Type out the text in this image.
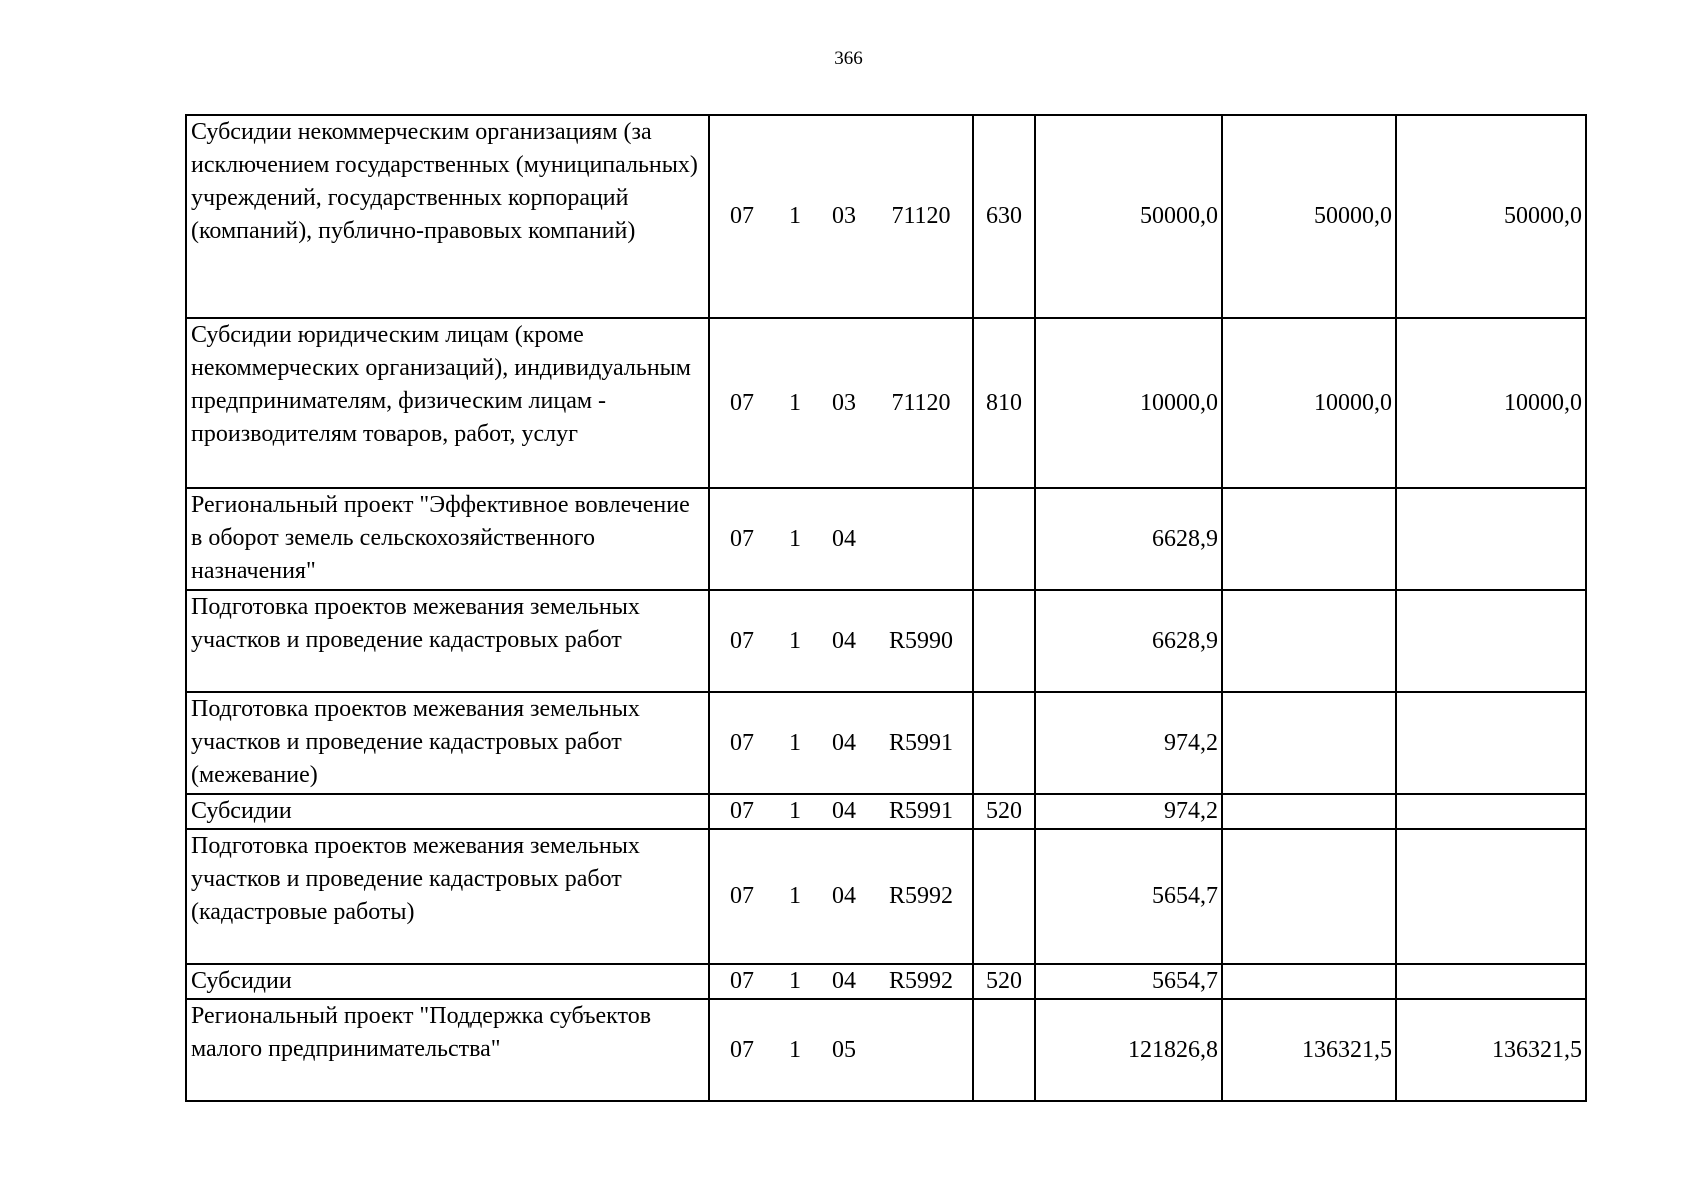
366
Субсидии некоммерческим организациям (за исключением государственных (муниципальных) учреждений, государственных корпораций (компаний), публично-правовых компаний)	07 1 03 71120	630	50000,0	50000,0	50000,0
Субсидии юридическим лицам (кроме некоммерческих организаций), индивидуальным предпринимателям, физическим лицам - производителям товаров, работ, услуг	07 1 03 71120	810	10000,0	10000,0	10000,0
Региональный проект "Эффективное вовлечение в оборот земель сельскохозяйственного назначения"	07 1 04		6628,9		
Подготовка проектов межевания земельных участков и проведение кадастровых работ	07 1 04 R5990		6628,9		
Подготовка проектов межевания земельных участков и проведение кадастровых работ (межевание)	07 1 04 R5991		974,2		
Субсидии	07 1 04 R5991	520	974,2		
Подготовка проектов межевания земельных участков и проведение кадастровых работ (кадастровые работы)	07 1 04 R5992		5654,7		
Субсидии	07 1 04 R5992	520	5654,7		
Региональный проект "Поддержка субъектов малого предпринимательства"	07 1 05		121826,8	136321,5	136321,5
